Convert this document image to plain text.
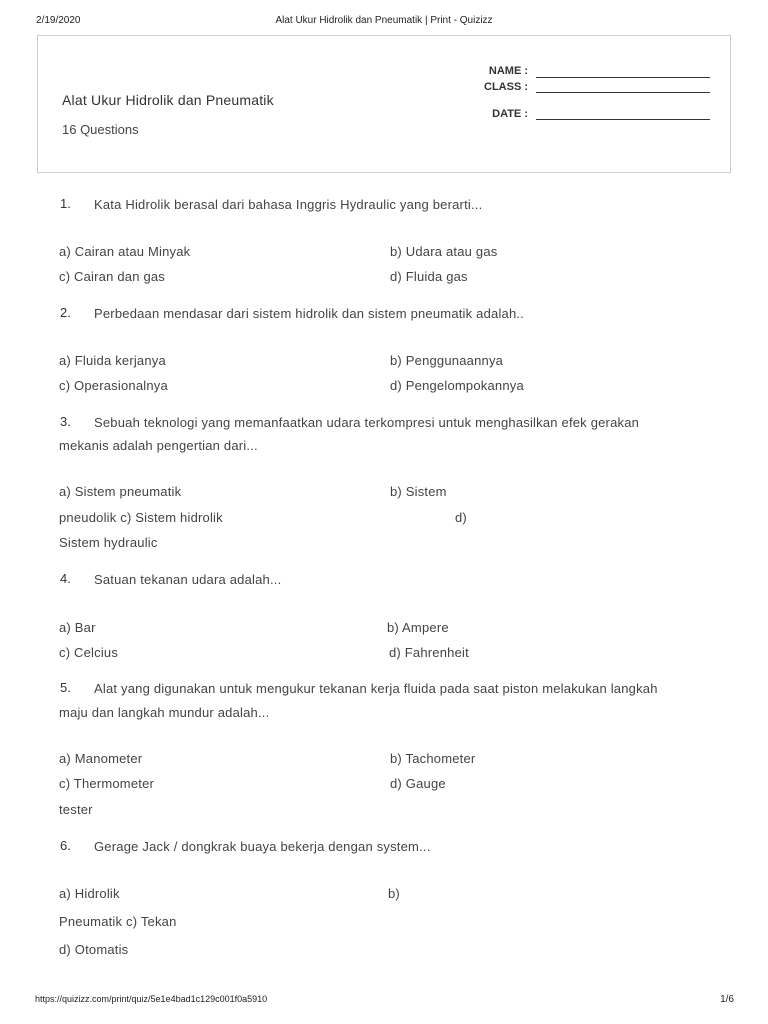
2/19/2020	Alat Ukur Hidrolik dan Pneumatik | Print - Quizizz
Alat Ukur Hidrolik dan Pneumatik
16 Questions
NAME :
CLASS :
DATE :
1. Kata Hidrolik berasal dari bahasa Inggris Hydraulic yang berarti...
a) Cairan atau Minyak	b) Udara atau gas
c) Cairan dan gas	d) Fluida gas
2. Perbedaan mendasar dari sistem hidrolik dan sistem pneumatik adalah..
a) Fluida kerjanya	b) Penggunaannya
c) Operasionalnya	d) Pengelompokannya
3. Sebuah teknologi yang memanfaatkan udara terkompresi untuk menghasilkan efek gerakan
mekanis adalah pengertian dari...
a) Sistem pneumatik	b) Sistem
pneudolik c) Sistem hidrolik	d)
Sistem hydraulic
4. Satuan tekanan udara adalah...
a) Bar	b) Ampere
c) Celcius	d) Fahrenheit
5. Alat yang digunakan untuk mengukur tekanan kerja fluida pada saat piston melakukan langkah
maju dan langkah mundur adalah...
a) Manometer	b) Tachometer
c) Thermometer	d) Gauge
tester
6. Gerage Jack / dongkrak buaya bekerja dengan system...
a) Hidrolik	b)
Pneumatik c) Tekan
d) Otomatis
https://quizizz.com/print/quiz/5e1e4bad1c129c001f0a5910	1/6
